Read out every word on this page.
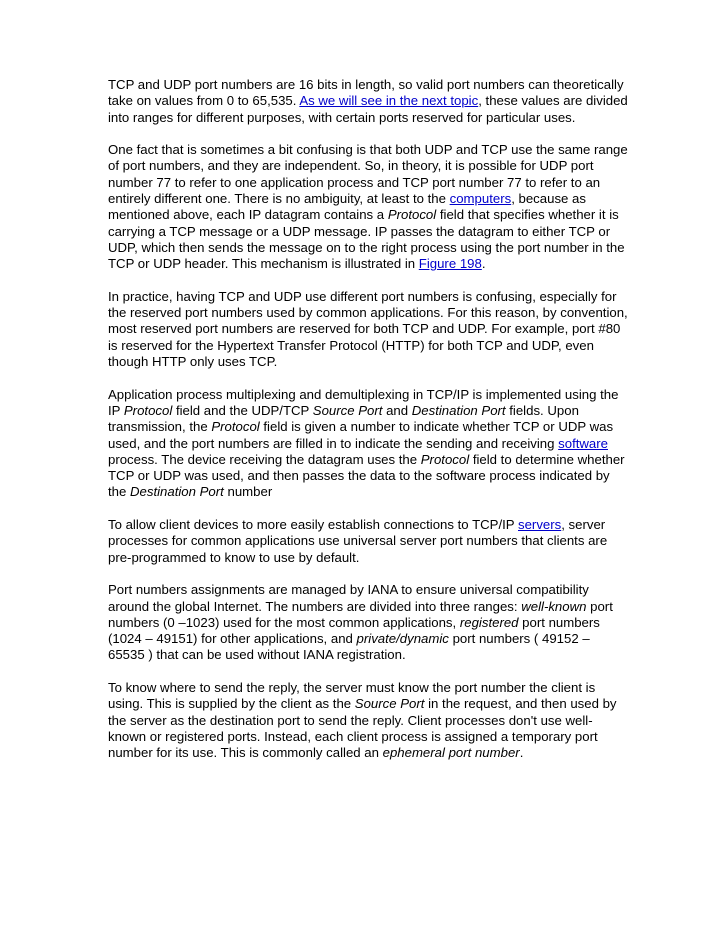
TCP and UDP port numbers are 16 bits in length, so valid port numbers can theoretically take on values from 0 to 65,535. As we will see in the next topic, these values are divided into ranges for different purposes, with certain ports reserved for particular uses.

One fact that is sometimes a bit confusing is that both UDP and TCP use the same range of port numbers, and they are independent. So, in theory, it is possible for UDP port number 77 to refer to one application process and TCP port number 77 to refer to an entirely different one. There is no ambiguity, at least to the computers, because as mentioned above, each IP datagram contains a Protocol field that specifies whether it is carrying a TCP message or a UDP message. IP passes the datagram to either TCP or UDP, which then sends the message on to the right process using the port number in the TCP or UDP header. This mechanism is illustrated in Figure 198.

In practice, having TCP and UDP use different port numbers is confusing, especially for the reserved port numbers used by common applications. For this reason, by convention, most reserved port numbers are reserved for both TCP and UDP. For example, port #80 is reserved for the Hypertext Transfer Protocol (HTTP) for both TCP and UDP, even though HTTP only uses TCP.

Application process multiplexing and demultiplexing in TCP/IP is implemented using the IP Protocol field and the UDP/TCP Source Port and Destination Port fields. Upon transmission, the Protocol field is given a number to indicate whether TCP or UDP was used, and the port numbers are filled in to indicate the sending and receiving software process. The device receiving the datagram uses the Protocol field to determine whether TCP or UDP was used, and then passes the data to the software process indicated by the Destination Port number

To allow client devices to more easily establish connections to TCP/IP servers, server processes for common applications use universal server port numbers that clients are pre-programmed to know to use by default.

Port numbers assignments are managed by IANA to ensure universal compatibility around the global Internet. The numbers are divided into three ranges: well-known port numbers (0 –1023) used for the most common applications, registered port numbers (1024 – 49151) for other applications, and private/dynamic port numbers ( 49152 – 65535 ) that can be used without IANA registration.

To know where to send the reply, the server must know the port number the client is using. This is supplied by the client as the Source Port in the request, and then used by the server as the destination port to send the reply. Client processes don't use well-known or registered ports. Instead, each client process is assigned a temporary port number for its use. This is commonly called an ephemeral port number.
